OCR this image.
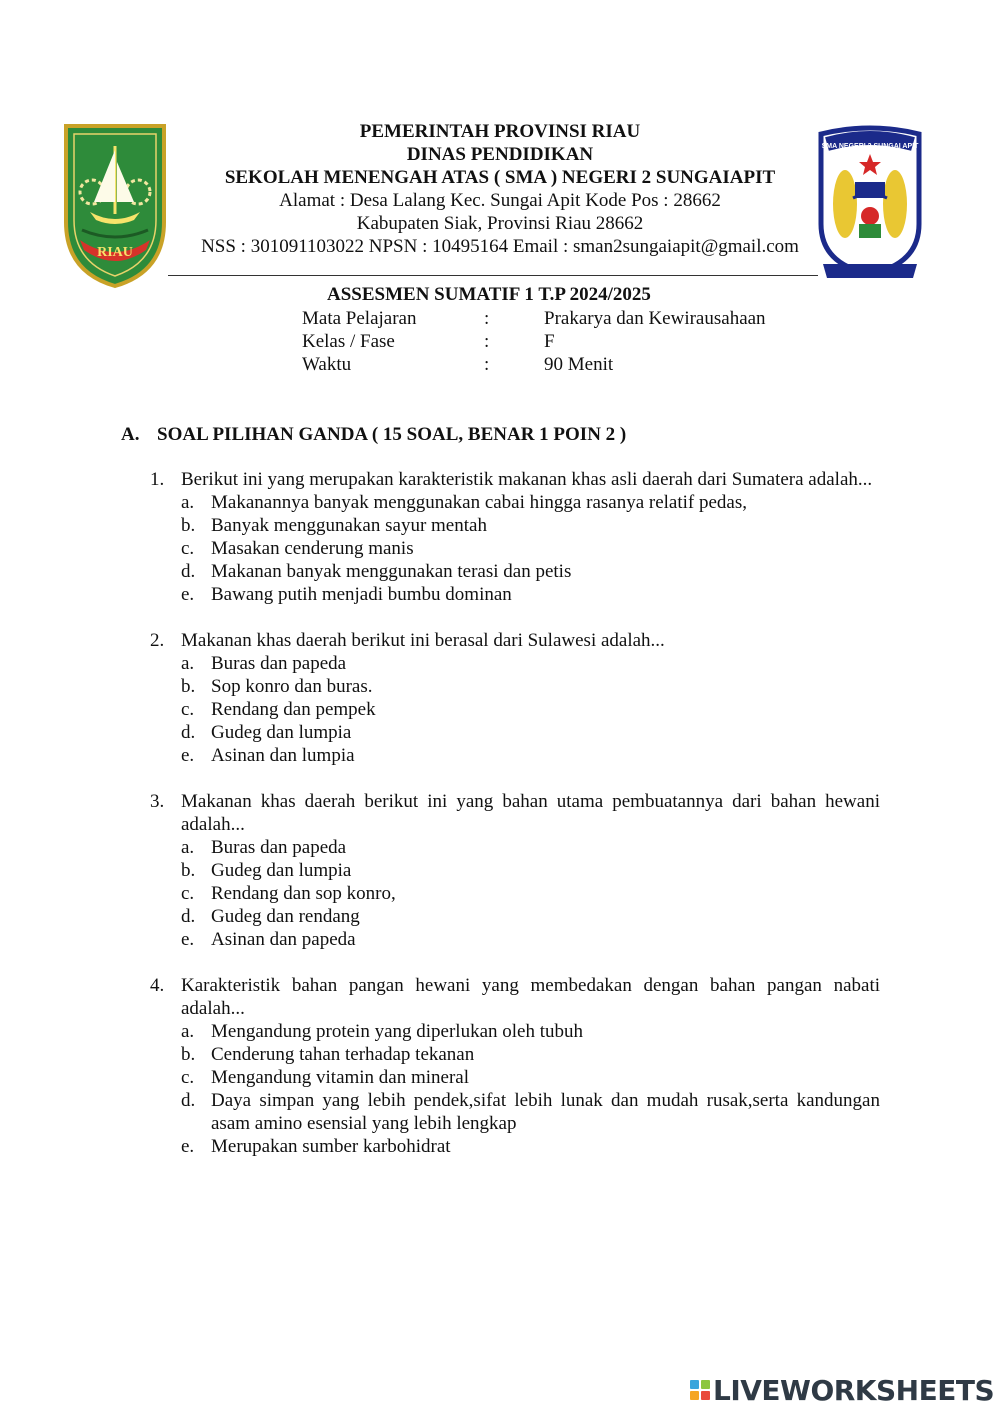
RIAU
SMA NEGERI 2 SUNGAI APIT
PEMERINTAH PROVINSI RIAU
DINAS PENDIDIKAN
SEKOLAH MENENGAH ATAS ( SMA ) NEGERI 2 SUNGAIAPIT
Alamat : Desa Lalang Kec. Sungai Apit Kode Pos : 28662
Kabupaten Siak, Provinsi Riau 28662
NSS : 301091103022 NPSN : 10495164 Email : sman2sungaiapit@gmail.com
ASSESMEN SUMATIF 1 T.P 2024/2025
Mata Pelajaran	:	Prakarya dan Kewirausahaan
Kelas / Fase	:	F
Waktu	:	90 Menit
A. SOAL PILIHAN GANDA ( 15 SOAL, BENAR 1 POIN 2 )
1. Berikut ini yang merupakan karakteristik makanan khas asli daerah dari Sumatera adalah...
a. Makanannya banyak menggunakan cabai hingga rasanya relatif pedas,
b. Banyak menggunakan sayur mentah
c. Masakan cenderung manis
d. Makanan banyak menggunakan terasi dan petis
e. Bawang putih menjadi bumbu dominan
2. Makanan khas daerah berikut ini berasal dari Sulawesi adalah...
a. Buras dan papeda
b. Sop konro dan buras.
c. Rendang dan pempek
d. Gudeg dan lumpia
e. Asinan dan lumpia
3. Makanan khas daerah berikut ini yang bahan utama pembuatannya dari bahan hewani adalah...
a. Buras dan papeda
b. Gudeg dan lumpia
c. Rendang dan sop konro,
d. Gudeg dan rendang
e. Asinan dan papeda
4. Karakteristik bahan pangan hewani yang membedakan dengan bahan pangan nabati adalah...
a. Mengandung protein yang diperlukan oleh tubuh
b. Cenderung tahan terhadap tekanan
c. Mengandung vitamin dan mineral
d. Daya simpan yang lebih pendek,sifat lebih lunak dan mudah rusak,serta kandungan asam amino esensial yang lebih lengkap
e. Merupakan sumber karbohidrat
LIVEWORKSHEETS
